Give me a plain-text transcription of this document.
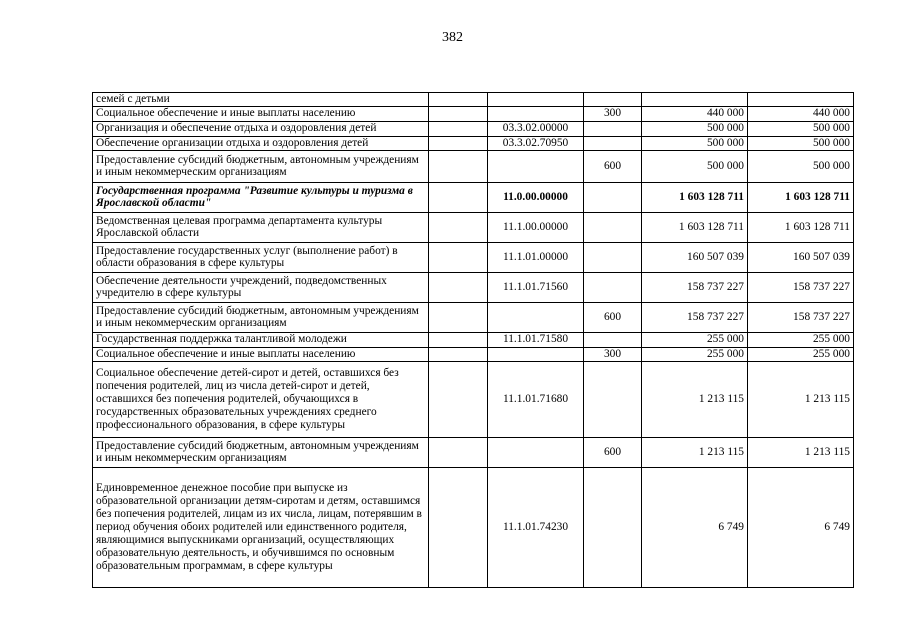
382
семей с детьми					
Социальное обеспечение и иные выплаты населению			300	440 000	440 000
Организация и обеспечение отдыха и оздоровления детей		03.3.02.00000		500 000	500 000
Обеспечение организации отдыха и оздоровления детей		03.3.02.70950		500 000	500 000
Предоставление субсидий бюджетным, автономным учреждениям и иным некоммерческим организациям			600	500 000	500 000
Государственная программа "Развитие культуры и туризма в Ярославской области"		11.0.00.00000		1 603 128 711	1 603 128 711
Ведомственная целевая программа департамента культуры Ярославской области		11.1.00.00000		1 603 128 711	1 603 128 711
Предоставление государственных услуг (выполнение работ) в области образования в сфере культуры		11.1.01.00000		160 507 039	160 507 039
Обеспечение деятельности учреждений, подведомственных учредителю в сфере культуры		11.1.01.71560		158 737 227	158 737 227
Предоставление субсидий бюджетным, автономным учреждениям и иным некоммерческим организациям			600	158 737 227	158 737 227
Государственная поддержка талантливой молодежи		11.1.01.71580		255 000	255 000
Социальное обеспечение и иные выплаты населению			300	255 000	255 000
Социальное обеспечение детей-сирот и детей, оставшихся без попечения родителей, лиц из числа детей-сирот и детей, оставшихся без попечения родителей, обучающихся в государственных образовательных учреждениях среднего профессионального образования, в сфере культуры		11.1.01.71680		1 213 115	1 213 115
Предоставление субсидий бюджетным, автономным учреждениям и иным некоммерческим организациям			600	1 213 115	1 213 115
Единовременное денежное пособие при выпуске из образовательной организации детям-сиротам и детям, оставшимся без попечения родителей, лицам из их числа, лицам, потерявшим в период обучения обоих родителей или единственного родителя, являющимися выпускниками организаций, осуществляющих образовательную деятельность, и обучившимся по основным образовательным программам, в сфере культуры		11.1.01.74230		6 749	6 749
